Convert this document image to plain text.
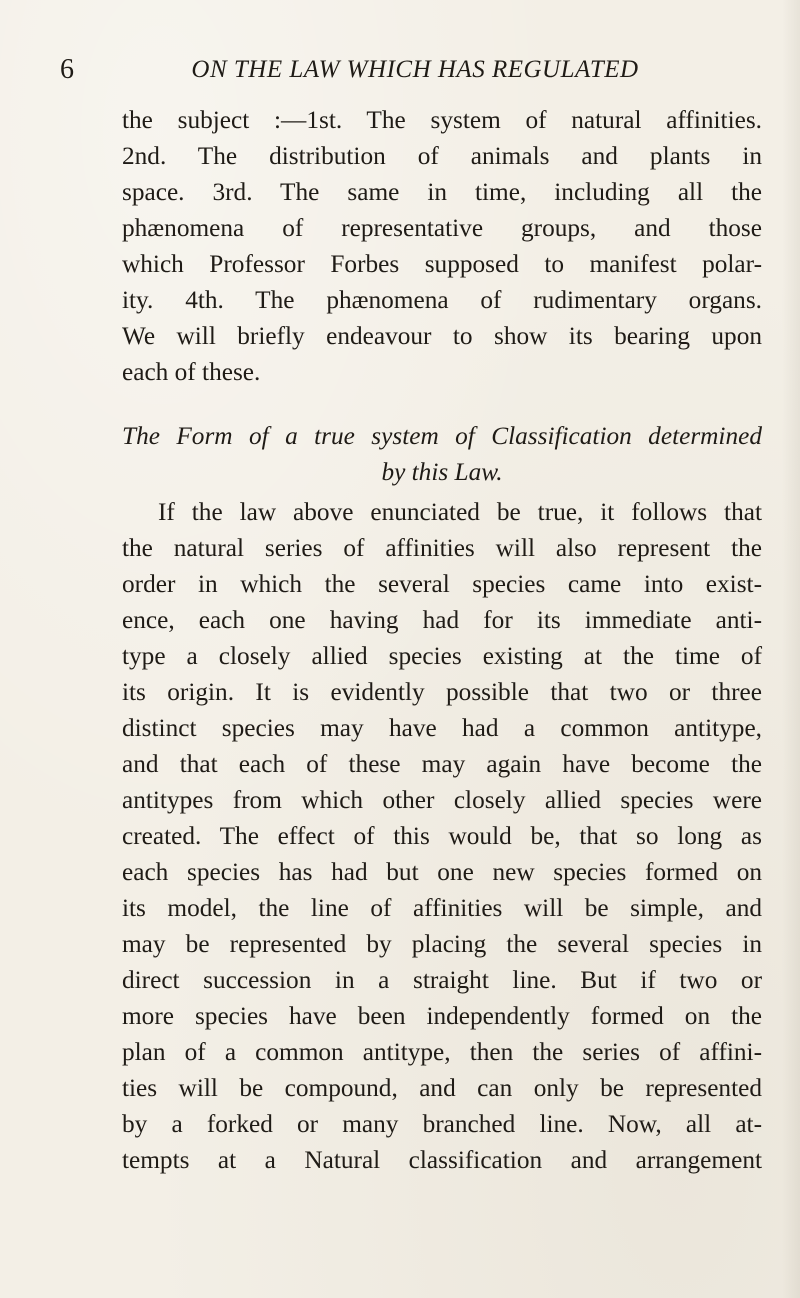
6	ON THE LAW WHICH HAS REGULATED
the subject :—1st. The system of natural affinities.
2nd. The distribution of animals and plants in
space. 3rd. The same in time, including all the
phænomena of representative groups, and those
which Professor Forbes supposed to manifest polar-
ity. 4th. The phænomena of rudimentary organs.
We will briefly endeavour to show its bearing upon
each of these.
The Form of a true system of Classification determined
by this Law.
If the law above enunciated be true, it follows that
the natural series of affinities will also represent the
order in which the several species came into exist-
ence, each one having had for its immediate anti-
type a closely allied species existing at the time of
its origin. It is evidently possible that two or three
distinct species may have had a common antitype,
and that each of these may again have become the
antitypes from which other closely allied species were
created. The effect of this would be, that so long as
each species has had but one new species formed on
its model, the line of affinities will be simple, and
may be represented by placing the several species in
direct succession in a straight line. But if two or
more species have been independently formed on the
plan of a common antitype, then the series of affini-
ties will be compound, and can only be represented
by a forked or many branched line. Now, all at-
tempts at a Natural classification and arrangement
